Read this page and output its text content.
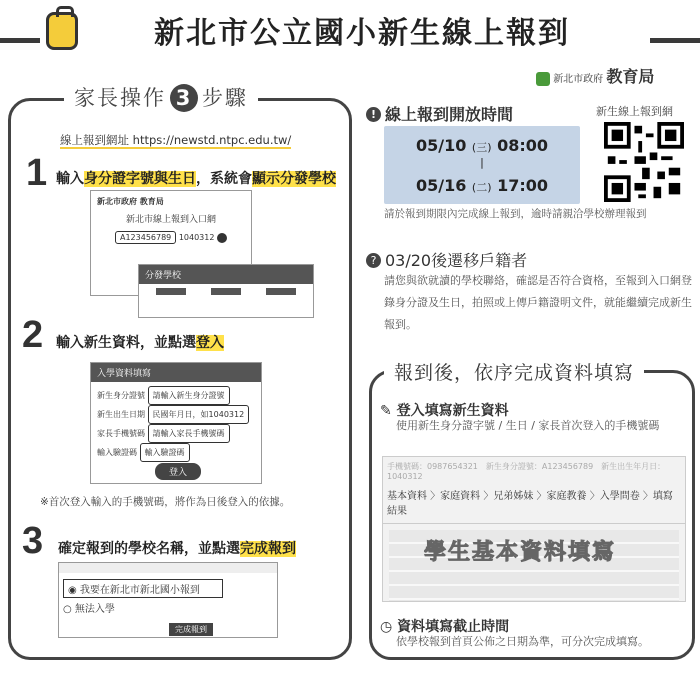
新北市公立國小新生線上報到
新北市政府 教育局
家長操作 3 步驟
線上報到網址 https://newstd.ntpc.edu.tw/
1 輸入身分證字號與生日，系統會顯示分發學校
新北市政府 教育局
新北市線上報到入口網
A123456789 1040312
分發學校
2 輸入新生資料，並點選登入
入學資料填寫
新生身分證號 請輸入新生身分證號
新生出生日期 民國年月日，如1040312
家長手機號碼 請輸入家長手機號碼
輸入驗證碼 輸入驗證碼
登入
※首次登入輸入的手機號碼，將作為日後登入的依據。
3 確定報到的學校名稱，並點選完成報到
◉ 我要在新北市新北國小報到
○ 無法入學
完成報到
! 線上報到開放時間
05/10 (三) 08:00
|
05/16 (二) 17:00
新生線上報到網
請於報到期限內完成線上報到，逾時請親洽學校辦理報到
? 03/20後遷移戶籍者
請您與欲就讀的學校聯絡，確認是否符合資格，至報到入口網登錄身分證及生日，拍照或上傳戶籍證明文件，就能繼續完成新生報到。
報到後，依序完成資料填寫
✎ 登入填寫新生資料
使用新生身分證字號 / 生日 / 家長首次登入的手機號碼
手機號碼：0987654321　新生身分證號：A123456789　新生出生年月日：1040312
基本資料 〉家庭資料 〉兄弟姊妹 〉家庭教養 〉入學問卷 〉填寫結果
學生基本資料填寫
◷ 資料填寫截止時間
依學校報到首頁公佈之日期為準，可分次完成填寫。
